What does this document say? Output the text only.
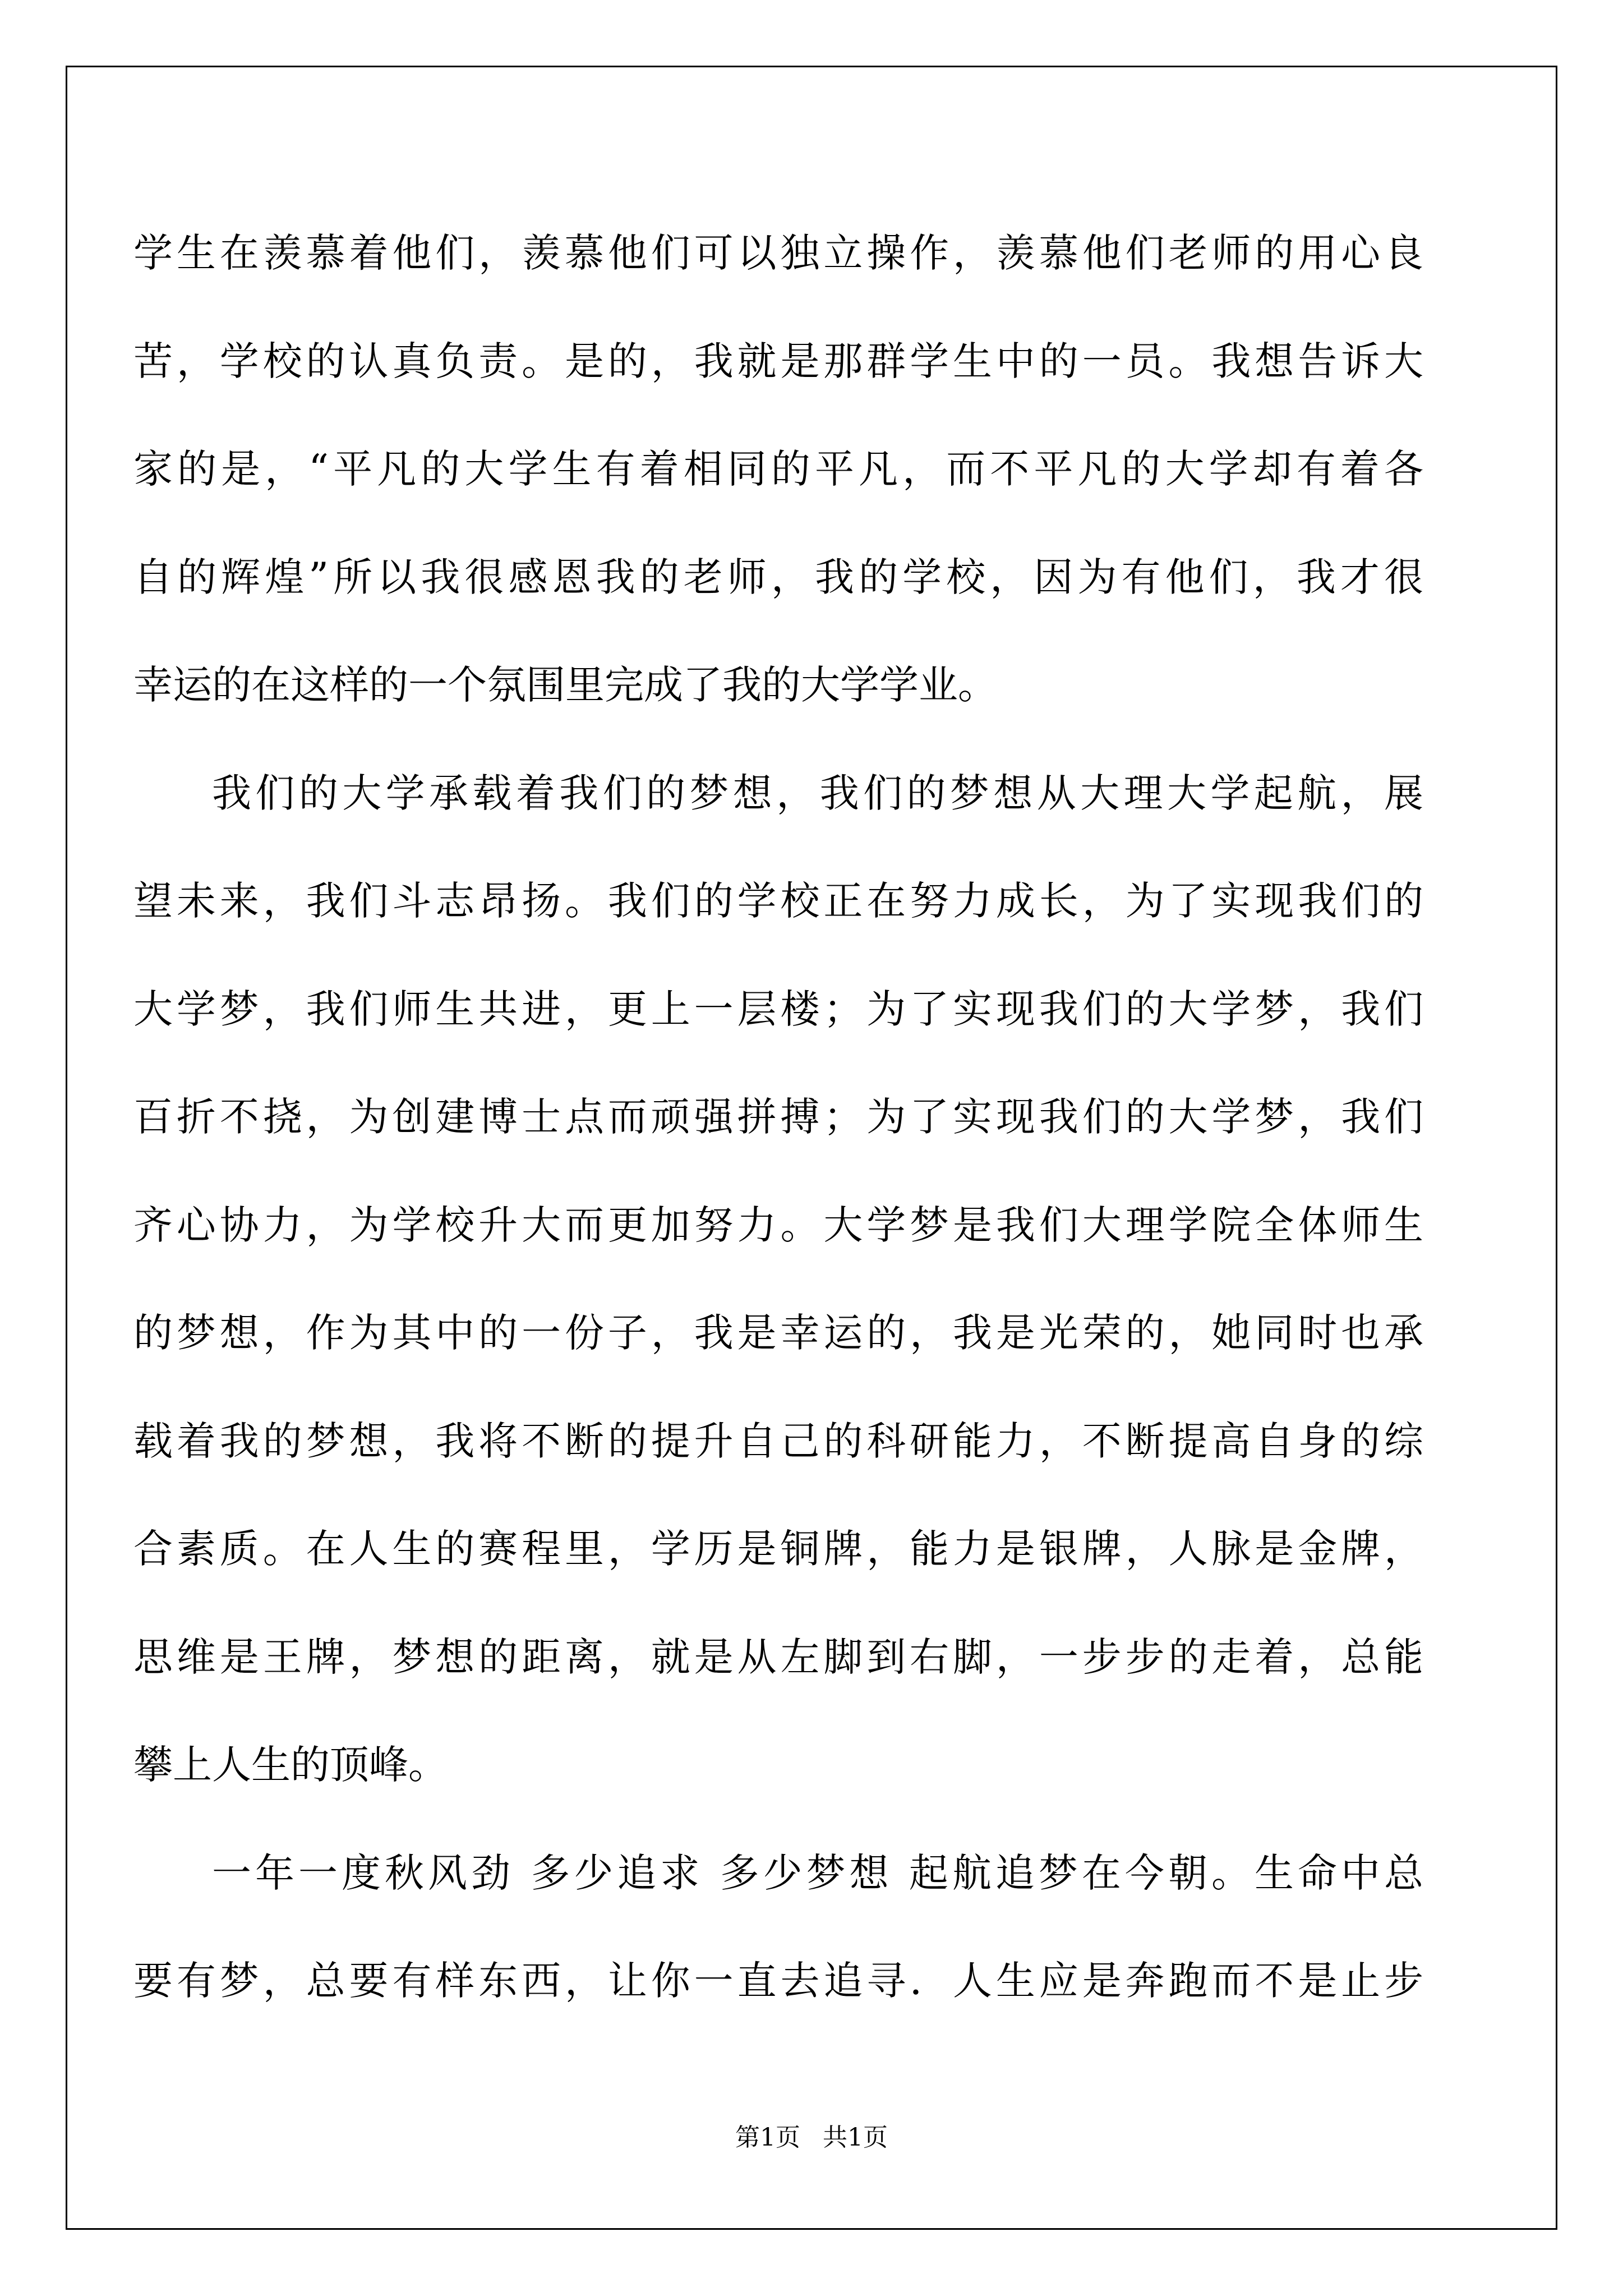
学生在羡慕着他们，羡慕他们可以独立操作，羡慕他们老师的用心良
苦，学校的认真负责。是的，我就是那群学生中的一员。我想告诉大
家的是，“平凡的大学生有着相同的平凡，而不平凡的大学却有着各
自的辉煌”所以我很感恩我的老师，我的学校，因为有他们，我才很
幸运的在这样的一个氛围里完成了我的大学学业。
我们的大学承载着我们的梦想，我们的梦想从大理大学起航，展
望未来，我们斗志昂扬。我们的学校正在努力成长，为了实现我们的
大学梦，我们师生共进，更上一层楼；为了实现我们的大学梦，我们
百折不挠，为创建博士点而顽强拼搏；为了实现我们的大学梦，我们
齐心协力，为学校升大而更加努力。大学梦是我们大理学院全体师生
的梦想，作为其中的一份子，我是幸运的，我是光荣的，她同时也承
载着我的梦想，我将不断的提升自己的科研能力，不断提高自身的综
合素质。在人生的赛程里，学历是铜牌，能力是银牌，人脉是金牌，
思维是王牌，梦想的距离，就是从左脚到右脚，一步步的走着，总能
攀上人生的顶峰。
一年一度秋风劲 多少追求 多少梦想 起航追梦在今朝。生命中总
要有梦，总要有样东西，让你一直去追寻．人生应是奔跑而不是止步
第1页 共1页
